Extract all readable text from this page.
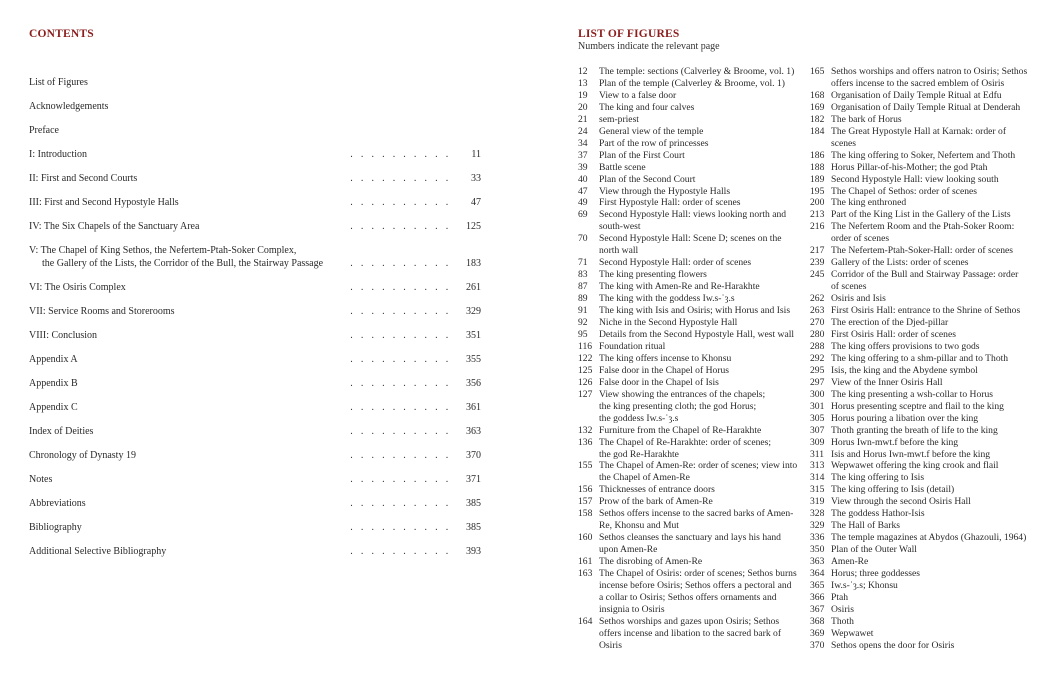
CONTENTS
List of Figures
Acknowledgements
Preface
I: Introduction	. . . . . . . . . .	11
II: First and Second Courts	. . . . . . . . . .	33
III: First and Second Hypostyle Halls	. . . . . . . . . .	47
IV: The Six Chapels of the Sanctuary Area	. . . . . . . . . .	125
V: The Chapel of King Sethos, the Nefertem-Ptah-Soker Complex,
the Gallery of the Lists, the Corridor of the Bull, the Stairway Passage	. . . . . . . . . .	183
VI: The Osiris Complex	. . . . . . . . . .	261
VII: Service Rooms and Storerooms	. . . . . . . . . .	329
VIII: Conclusion	. . . . . . . . . .	351
Appendix A	. . . . . . . . . .	355
Appendix B	. . . . . . . . . .	356
Appendix C	. . . . . . . . . .	361
Index of Deities	. . . . . . . . . .	363
Chronology of Dynasty 19	. . . . . . . . . .	370
Notes	. . . . . . . . . .	371
Abbreviations	. . . . . . . . . .	385
Bibliography	. . . . . . . . . .	385
Additional Selective Bibliography	. . . . . . . . . .	393
LIST OF FIGURES
Numbers indicate the relevant page
12 The temple: sections (Calverley & Broome, vol. 1)
13 Plan of the temple (Calverley & Broome, vol. 1)
19 View to a false door
20 The king and four calves
21 sem-priest
24 General view of the temple
34 Part of the row of princesses
37 Plan of the First Court
39 Battle scene
40 Plan of the Second Court
47 View through the Hypostyle Halls
49 First Hypostyle Hall: order of scenes
69 Second Hypostyle Hall: views looking north and
south-west
70 Second Hypostyle Hall: Scene D; scenes on the
north wall
71 Second Hypostyle Hall: order of scenes
83 The king presenting flowers
87 The king with Amen-Re and Re-Harakhte
89 The king with the goddess Iw.s-ʿȝ.s
91 The king with Isis and Osiris; with Horus and Isis
92 Niche in the Second Hypostyle Hall
95 Details from the Second Hypostyle Hall, west wall
116 Foundation ritual
122 The king offers incense to Khonsu
125 False door in the Chapel of Horus
126 False door in the Chapel of Isis
127 View showing the entrances of the chapels;
the king presenting cloth; the god Horus;
the goddess Iw.s-ʿȝ.s
132 Furniture from the Chapel of Re-Harakhte
136 The Chapel of Re-Harakhte: order of scenes;
the god Re-Harakhte
155 The Chapel of Amen-Re: order of scenes; view into
the Chapel of Amen-Re
156 Thicknesses of entrance doors
157 Prow of the bark of Amen-Re
158 Sethos offers incense to the sacred barks of Amen-
Re, Khonsu and Mut
160 Sethos cleanses the sanctuary and lays his hand
upon Amen-Re
161 The disrobing of Amen-Re
163 The Chapel of Osiris: order of scenes; Sethos burns
incense before Osiris; Sethos offers a pectoral and
a collar to Osiris; Sethos offers ornaments and
insignia to Osiris
164 Sethos worships and gazes upon Osiris; Sethos
offers incense and libation to the sacred bark of Osiris
165 Sethos worships and offers natron to Osiris; Sethos
offers incense to the sacred emblem of Osiris
168 Organisation of Daily Temple Ritual at Edfu
169 Organisation of Daily Temple Ritual at Denderah
182 The bark of Horus
184 The Great Hypostyle Hall at Karnak: order of scenes
186 The king offering to Soker, Nefertem and Thoth
188 Horus Pillar-of-his-Mother; the god Ptah
189 Second Hypostyle Hall: view looking south
195 The Chapel of Sethos: order of scenes
200 The king enthroned
213 Part of the King List in the Gallery of the Lists
216 The Nefertem Room and the Ptah-Soker Room:
order of scenes
217 The Nefertem-Ptah-Soker-Hall: order of scenes
239 Gallery of the Lists: order of scenes
245 Corridor of the Bull and Stairway Passage: order
of scenes
262 Osiris and Isis
263 First Osiris Hall: entrance to the Shrine of Sethos
270 The erection of the Djed-pillar
280 First Osiris Hall: order of scenes
288 The king offers provisions to two gods
292 The king offering to a shm-pillar and to Thoth
295 Isis, the king and the Abydene symbol
297 View of the Inner Osiris Hall
300 The king presenting a wsh-collar to Horus
301 Horus presenting sceptre and flail to the king
305 Horus pouring a libation over the king
307 Thoth granting the breath of life to the king
309 Horus Iwn-mwt.f before the king
311 Isis and Horus Iwn-mwt.f before the king
313 Wepwawet offering the king crook and flail
314 The king offering to Isis
315 The king offering to Isis (detail)
319 View through the second Osiris Hall
328 The goddess Hathor-Isis
329 The Hall of Barks
336 The temple magazines at Abydos (Ghazouli, 1964)
350 Plan of the Outer Wall
363 Amen-Re
364 Horus; three goddesses
365 Iw.s-ʿȝ.s; Khonsu
366 Ptah
367 Osiris
368 Thoth
369 Wepwawet
370 Sethos opens the door for Osiris
